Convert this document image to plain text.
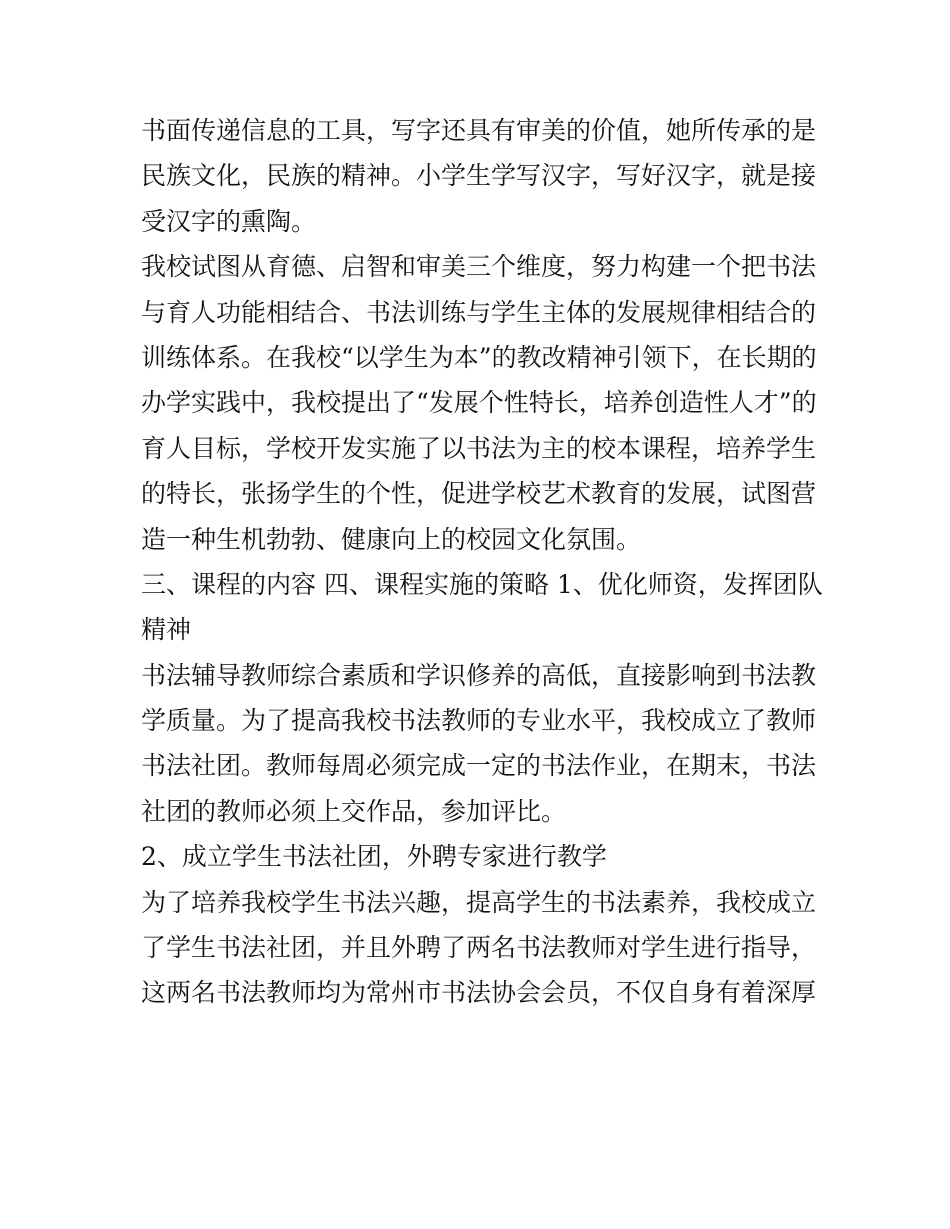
书面传递信息的工具，写字还具有审美的价值，她所传承的是
民族文化，民族的精神。小学生学写汉字，写好汉字，就是接
受汉字的熏陶。
我校试图从育德、启智和审美三个维度，努力构建一个把书法
与育人功能相结合、书法训练与学生主体的发展规律相结合的
训练体系。在我校“以学生为本”的教改精神引领下，在长期的
办学实践中，我校提出了“发展个性特长，培养创造性人才”的
育人目标，学校开发实施了以书法为主的校本课程，培养学生
的特长，张扬学生的个性，促进学校艺术教育的发展，试图营
造一种生机勃勃、健康向上的校园文化氛围。
三、课程的内容 四、课程实施的策略 1、优化师资，发挥团队
精神
书法辅导教师综合素质和学识修养的高低，直接影响到书法教
学质量。为了提高我校书法教师的专业水平，我校成立了教师
书法社团。教师每周必须完成一定的书法作业，在期末，书法
社团的教师必须上交作品，参加评比。
2、成立学生书法社团，外聘专家进行教学
为了培养我校学生书法兴趣，提高学生的书法素养，我校成立
了学生书法社团，并且外聘了两名书法教师对学生进行指导，
这两名书法教师均为常州市书法协会会员，不仅自身有着深厚
